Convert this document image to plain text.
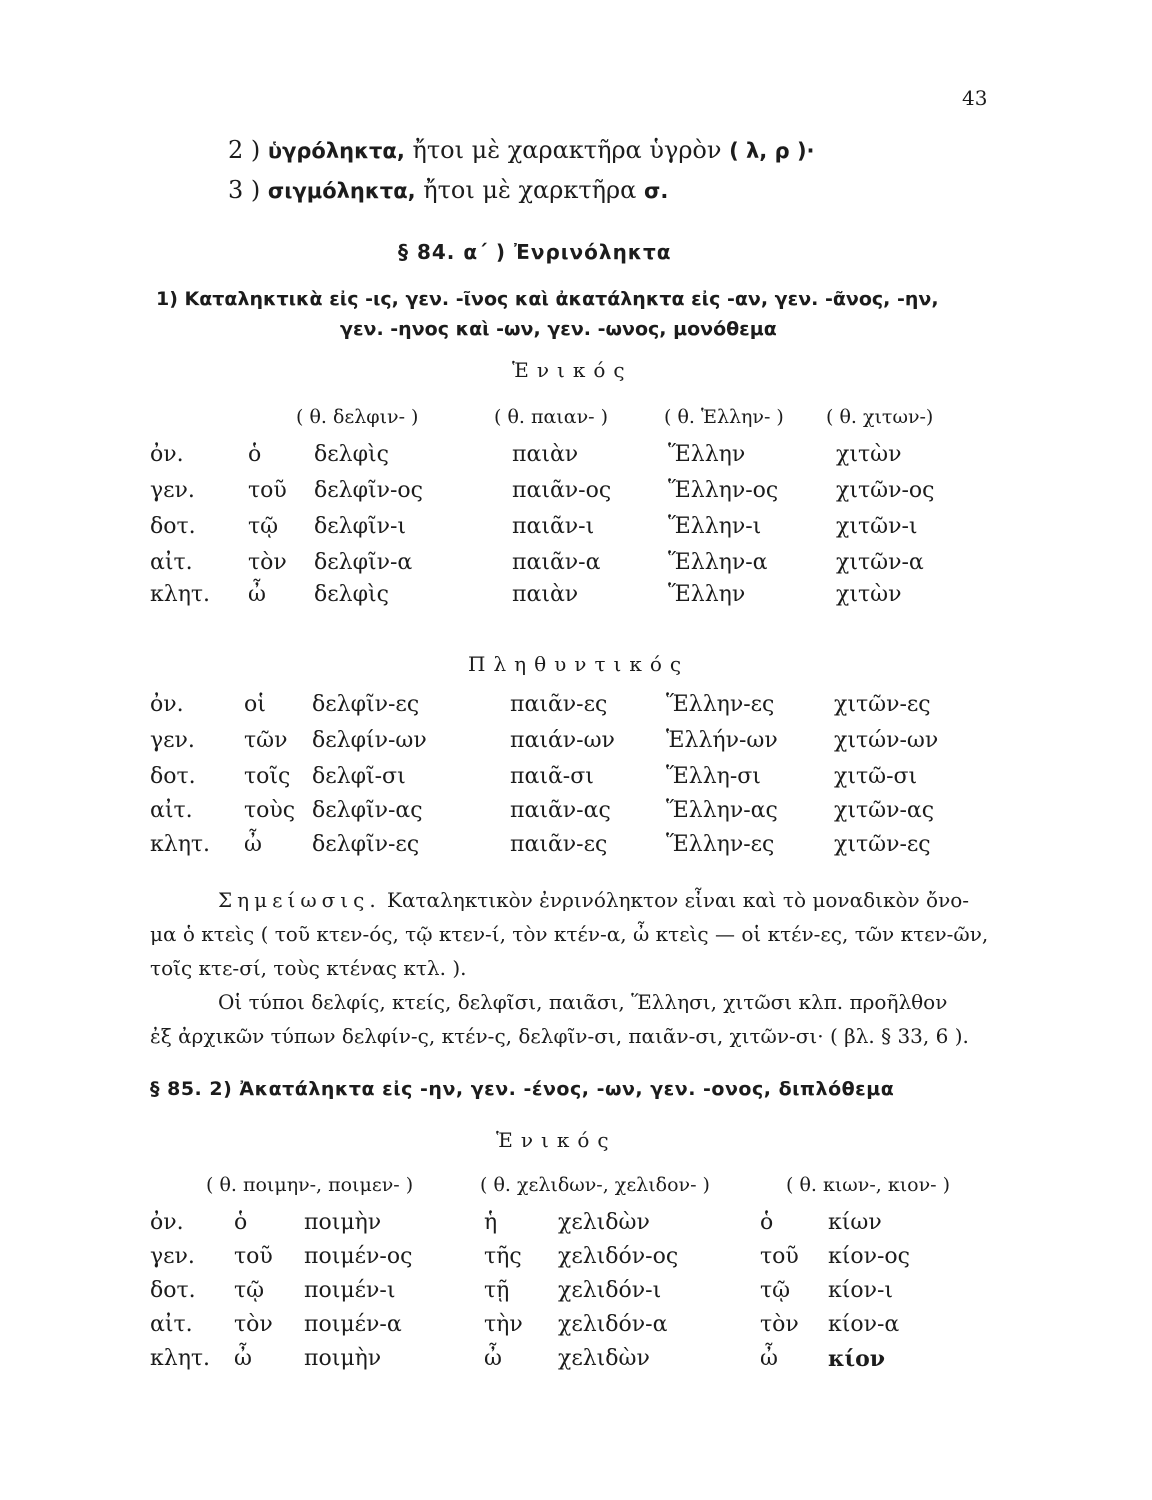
43
2 ) ὑγρόληκτα, ἤτοι μὲ χαρακτῆρα ὑγρὸν ( λ, ρ )·
3 ) σιγμόληκτα, ἤτοι μὲ χαρκτῆρα σ.
§ 84. α΄ ) Ἐνρινόληκτα
1) Καταληκτικὰ εἰς -ις, γεν. -ῖνος καὶ ἀκατάληκτα εἰς -αν, γεν. -ᾶνος, -ην,
γεν. -ηνος καὶ -ων, γεν. -ωνος, μονόθεμα
Ἑνικός
( θ. δελφιν- )	( θ. παιαν- )	( θ. Ἑλλην- ) ( θ. χιτων-)
ὀν.	ὁ δελφὶς	παιὰν	Ἕλλην	χιτὼν
γεν. τοῦ δελφῖν-ος	παιᾶν-ος	Ἕλλην-ος	χιτῶν-ος
δοτ. τῷ δελφῖν-ι	παιᾶν-ι	Ἕλλην-ι	χιτῶν-ι
αἰτ.	τὸν δελφῖν-α	παιᾶν-α	Ἕλλην-α	χιτῶν-α
κλητ. ὦ δελφὶς	παιὰν	Ἕλλην	χιτὼν
Πληθυντικός
ὀν.	οἱ δελφῖν-ες	παιᾶν-ες	Ἕλλην-ες	χιτῶν-ες
γεν. τῶν δελφίν-ων	παιάν-ων Ἑλλήν-ων	χιτών-ων
δοτ. τοῖς δελφῖ-σι	παιᾶ-σι	Ἕλλη-σι	χιτῶ-σι
αἰτ. τοὺς δελφῖν-ας	παιᾶν-ας	Ἕλλην-ας	χιτῶν-ας
κλητ. ὦ δελφῖν-ες	παιᾶν-ες	Ἕλλην-ες	χιτῶν-ες
Σημείωσις. Καταληκτικὸν ἐνρινόληκτον εἶναι καὶ τὸ μοναδικὸν ὄνο-
μα ὁ κτεὶς ( τοῦ κτεν-ός, τῷ κτεν-ί, τὸν κτέν-α, ὦ κτεὶς — οἱ κτέν-ες, τῶν κτεν-ῶν,
τοῖς κτε-σί, τοὺς κτένας κτλ. ).
Οἱ τύποι δελφίς, κτείς, δελφῖσι, παιᾶσι, Ἕλλησι, χιτῶσι κλπ. προῆλθον
ἐξ ἀρχικῶν τύπων δελφίν-ς, κτέν-ς, δελφῖν-σι, παιᾶν-σι, χιτῶν-σι· ( βλ. § 33, 6 ).
§ 85. 2) Ἀκατάληκτα εἰς -ην, γεν. -ένος, -ων, γεν. -ονος, διπλόθεμα
Ἑνικός
( θ. ποιμην-, ποιμεν- )	( θ. χελιδων-, χελιδον- )	( θ. κιων-, κιον- )
ὀν. ὁ	ποιμὴν	ἡ	χελιδὼν	ὁ κίων
γεν. τοῦ ποιμέν-ος	τῆς χελιδόν-ος	τοῦ κίον-ος
δοτ. τῷ ποιμέν-ι	τῇ χελιδόν-ι	τῷ κίον-ι
αἰτ. τὸν ποιμέν-α	τὴν χελιδόν-α	τὸν κίον-α
κλητ. ὦ ποιμὴν	ὦ	χελιδὼν	ὦ κίον
